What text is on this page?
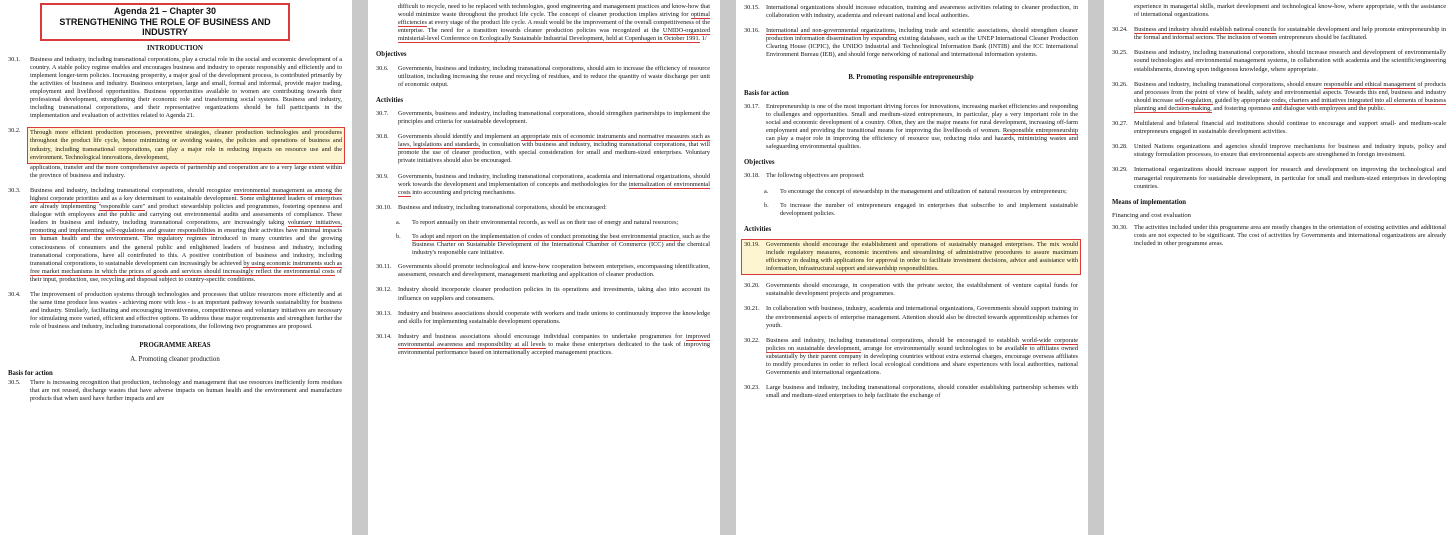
Agenda 21 – Chapter 30
STRENGTHENING THE ROLE OF BUSINESS AND INDUSTRY
INTRODUCTION
30.1.	Business and industry, including transnational corporations, play a crucial role in the social and economic development of a country. A stable policy regime enables and encourages business and industry to operate responsibly and efficiently and to implement longer-term policies. Increasing prosperity, a major goal of the development process, is contributed primarily by the activities of business and industry. Business enterprises, large and small, formal and informal, provide major trading, employment and livelihood opportunities. Business opportunities available to women are contributing towards their professional development, strengthening their economic role and transforming social systems. Business and industry, including transnational corporations, and their representative organizations should be full participants in the implementation and evaluation of activities related to Agenda 21.
30.2.	Through more efficient production processes, preventive strategies, cleaner production technologies and procedures throughout the product life cycle, hence minimizing or avoiding wastes, the policies and operations of business and industry, including transnational corporations, can play a major role in reducing impacts on resource use and the environment. Technological innovations, development,
applications, transfer and the more comprehensive aspects of partnership and cooperation are to a very large extent within the province of business and industry.
30.3.	Business and industry, including transnational corporations, should recognize environmental management as among the highest corporate priorities and as a key determinant to sustainable development. Some enlightened leaders of enterprises are already implementing "responsible care" and product stewardship policies and programmes, fostering openness and dialogue with employees and the public and carrying out environmental audits and assessments of compliance. These leaders in business and industry, including transnational corporations, are increasingly taking voluntary initiatives, promoting and implementing self-regulations and greater responsibilities in ensuring their activities have minimal impacts on human health and the environment. The regulatory regimes introduced in many countries and the growing consciousness of consumers and the general public and enlightened leaders of business and industry, including transnational corporations, have all contributed to this. A positive contribution of business and industry, including transnational corporations, to sustainable development can increasingly be achieved by using economic instruments such as free market mechanisms in which the prices of goods and services should increasingly reflect the environmental costs of their input, production, use, recycling and disposal subject to country-specific conditions.
30.4.	The improvement of production systems through technologies and processes that utilize resources more efficiently and at the same time produce less wastes - achieving more with less - is an important pathway towards sustainability for business and industry. Similarly, facilitating and encouraging inventiveness, competitiveness and voluntary initiatives are necessary for stimulating more varied, efficient and effective options. To address these major requirements and strengthen further the role of business and industry, including transnational corporations, the following two programmes are proposed.
PROGRAMME AREAS
A. Promoting cleaner production
Basis for action
30.5.	There is increasing recognition that production, technology and management that use resources inefficiently form residues that are not reused, discharge wastes that have adverse impacts on human health and the environment and manufacture products that when used have further impacts and are
difficult to recycle, need to be replaced with technologies, good engineering and management practices and know-how that would minimize waste throughout the product life cycle. The concept of cleaner production implies striving for optimal efficiencies at every stage of the product life cycle. A result would be the improvement of the overall competitiveness of the enterprise. The need for a transition towards cleaner production policies was recognized at the UNIDO-organized ministerial-level Conference on Ecologically Sustainable Industrial Development, held at Copenhagen in October 1991. 1/
Objectives
30.6.	Governments, business and industry, including transnational corporations, should aim to increase the efficiency of resource utilization, including increasing the reuse and recycling of residues, and to reduce the quantity of waste discharge per unit of economic output.
Activities
30.7.	Governments, business and industry, including transnational corporations, should strengthen partnerships to implement the principles and criteria for sustainable development.
30.8.	Governments should identify and implement an appropriate mix of economic instruments and normative measures such as laws, legislations and standards, in consultation with business and industry, including transnational corporations, that will promote the use of cleaner production, with special consideration for small and medium-sized enterprises. Voluntary private initiatives should also be encouraged.
30.9.	Governments, business and industry, including transnational corporations, academia and international organizations, should work towards the development and implementation of concepts and methodologies for the internalization of environmental costs into accounting and pricing mechanisms.
30.10. Business and industry, including transnational corporations, should be encouraged:
a.	To report annually on their environmental records, as well as on their use of energy and natural resources;
b.	To adopt and report on the implementation of codes of conduct promoting the best environmental practice, such as the Business Charter on Sustainable Development of the International Chamber of Commerce (ICC) and the chemical industry's responsible care initiative.
30.11.	Governments should promote technological and know-how cooperation between enterprises, encompassing identification, assessment, research and development, management marketing and application of cleaner production.
30.12. Industry should incorporate cleaner production policies in its operations and investments, taking also into account its influence on suppliers and consumers.
30.13. Industry and business associations should cooperate with workers and trade unions to continuously improve the knowledge and skills for implementing sustainable development operations.
30.14. Industry and business associations should encourage individual companies to undertake programmes for improved environmental awareness and responsibility at all levels to make these enterprises dedicated to the task of improving environmental performance based on internationally accepted management practices.
30.15. International organizations should increase education, training and awareness activities relating to cleaner production, in collaboration with industry, academia and relevant national and local authorities.
30.16. International and non-governmental organizations, including trade and scientific associations, should strengthen cleaner production information dissemination by expanding existing databases, such as the UNEP International Cleaner Production Clearing House (ICPIC), the UNIDO Industrial and Technological Information Bank (INTIB) and the ICC International Environment Bureau (IEB), and should forge networking of national and international information systems.
B. Promoting responsible entrepreneurship
Basis for action
30.17. Entrepreneurship is one of the most important driving forces for innovations, increasing market efficiencies and responding to challenges and opportunities. Small and medium-sized entrepreneurs, in particular, play a very important role in the social and economic development of a country. Often, they are the major means for rural development, increasing off-farm employment and providing the transitional means for improving the livelihoods of women. Responsible entrepreneurship can play a major role in improving the efficiency of resource use, reducing risks and hazards, minimizing wastes and safeguarding environmental qualities.
Objectives
30.18. The following objectives are proposed:
a.	To encourage the concept of stewardship in the management and utilization of natural resources by entrepreneurs;
b.	To increase the number of entrepreneurs engaged in enterprises that subscribe to and implement sustainable development policies.
Activities
30.19. Governments should encourage the establishment and operations of sustainably managed enterprises. The mix would include regulatory measures, economic incentives and streamlining of administrative procedures to assure maximum efficiency in dealing with applications for approval in order to facilitate investment decisions, advice and assistance with information, infrastructural support and stewardship responsibilities.
30.20. Governments should encourage, in cooperation with the private sector, the establishment of venture capital funds for sustainable development projects and programmes.
30.21. In collaboration with business, industry, academia and international organizations, Governments should support training in the environmental aspects of enterprise management. Attention should also be directed towards apprenticeship schemes for youth.
30.22. Business and industry, including transnational corporations, should be encouraged to establish world-wide corporate policies on sustainable development, arrange for environmentally sound technologies to be available to affiliates owned substantially by their parent company in developing countries without extra external charges, encourage overseas affiliates to modify procedures in order to reflect local ecological conditions and share experiences with local authorities, national Governments and international organizations.
30.23. Large business and industry, including transnational corporations, should consider establishing partnership schemes with small and medium-sized enterprises to help facilitate the exchange of
experience in managerial skills, market development and technological know-how, where appropriate, with the assistance of international organizations.
30.24. Business and industry should establish national councils for sustainable development and help promote entrepreneurship in the formal and informal sectors. The inclusion of women entrepreneurs should be facilitated.
30.25. Business and industry, including transnational corporations, should increase research and development of environmentally sound technologies and environmental management systems, in collaboration with academia and the scientific/engineering establishments, drawing upon indigenous knowledge, where appropriate.
30.26. Business and industry, including transnational corporations, should ensure responsible and ethical management of products and processes from the point of view of health, safety and environmental aspects. Towards this end, business and industry should increase self-regulation, guided by appropriate codes, charters and initiatives integrated into all elements of business planning and decision-making, and fostering openness and dialogue with employees and the public.
30.27. Multilateral and bilateral financial aid institutions should continue to encourage and support small- and medium-scale entrepreneurs engaged in sustainable development activities.
30.28. United Nations organizations and agencies should improve mechanisms for business and industry inputs, policy and strategy formulation processes, to ensure that environmental aspects are strengthened in foreign investment.
30.29. International organizations should increase support for research and development on improving the technological and managerial requirements for sustainable development, in particular for small and medium-sized enterprises in developing countries.
Means of implementation
Financing and cost evaluation
30.30. The activities included under this programme area are mostly changes in the orientation of existing activities and additional costs are not expected to be significant. The cost of activities by Governments and international organizations are already included in other programme areas.
